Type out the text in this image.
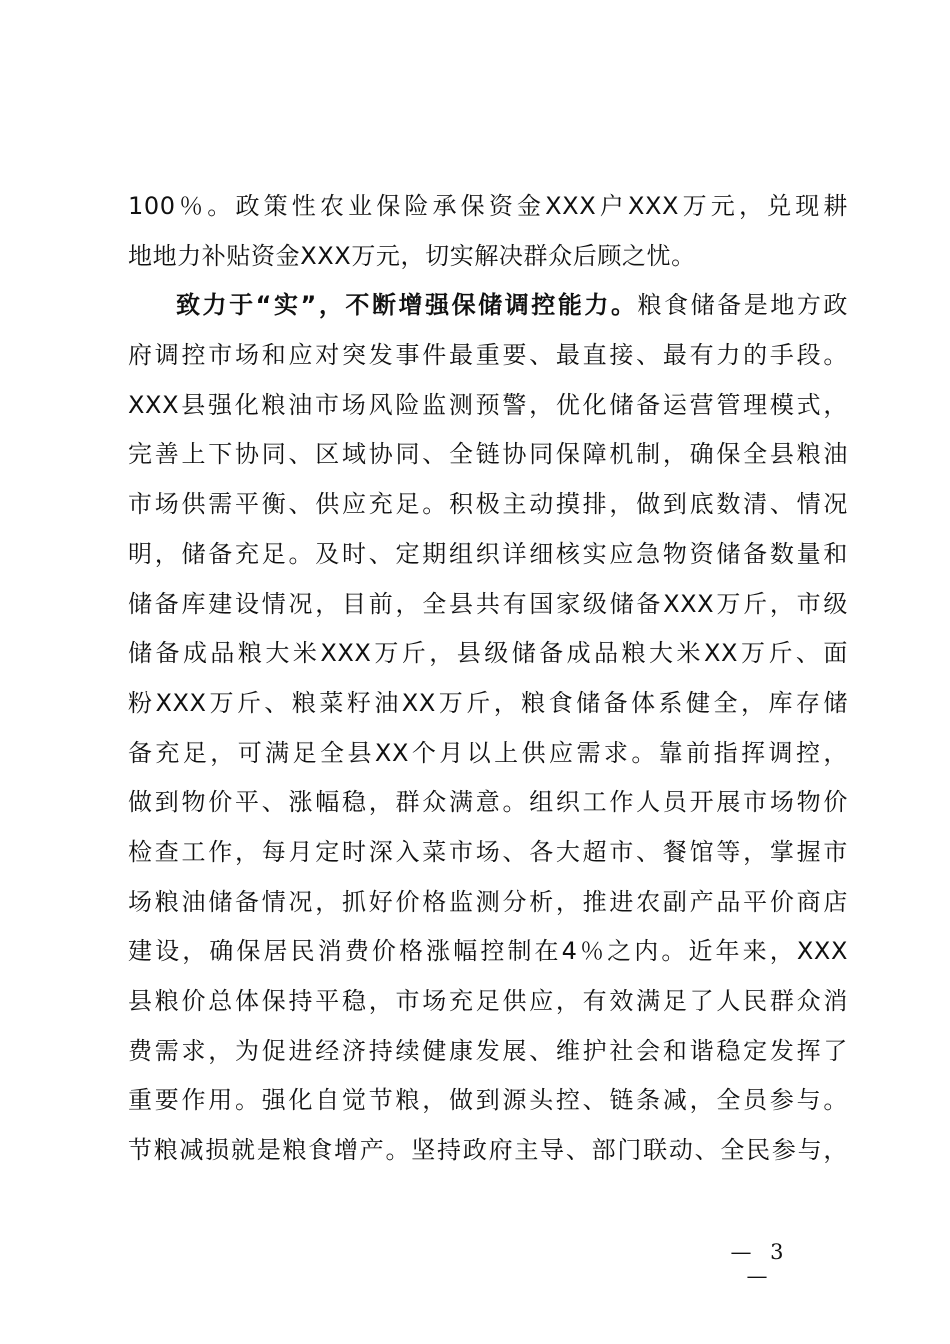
100％。政策性农业保险承保资金XXX户XXX万元，兑现耕
地地力补贴资金XXX万元，切实解决群众后顾之忧。
致力于“实”，不断增强保储调控能力。粮食储备是地方政
府调控市场和应对突发事件最重要、最直接、最有力的手段。
XXX县强化粮油市场风险监测预警，优化储备运营管理模式，
完善上下协同、区域协同、全链协同保障机制，确保全县粮油
市场供需平衡、供应充足。积极主动摸排，做到底数清、情况
明，储备充足。及时、定期组织详细核实应急物资储备数量和
储备库建设情况，目前，全县共有国家级储备XXX万斤，市级
储备成品粮大米XXX万斤，县级储备成品粮大米XX万斤、面
粉XXX万斤、粮菜籽油XX万斤，粮食储备体系健全，库存储
备充足，可满足全县XX个月以上供应需求。靠前指挥调控，
做到物价平、涨幅稳，群众满意。组织工作人员开展市场物价
检查工作，每月定时深入菜市场、各大超市、餐馆等，掌握市
场粮油储备情况，抓好价格监测分析，推进农副产品平价商店
建设，确保居民消费价格涨幅控制在4％之内。近年来，XXX
县粮价总体保持平稳，市场充足供应，有效满足了人民群众消
费需求，为促进经济持续健康发展、维护社会和谐稳定发挥了
重要作用。强化自觉节粮，做到源头控、链条减，全员参与。
节粮减损就是粮食增产。坚持政府主导、部门联动、全民参与，
— 3 —
